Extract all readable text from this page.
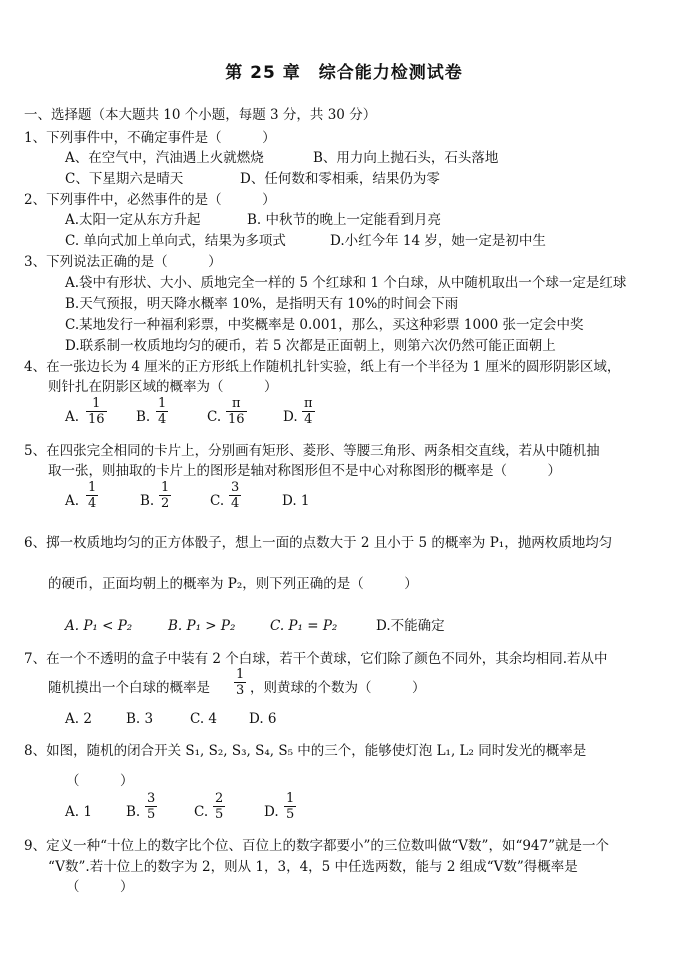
第 25 章　综合能力检测试卷
一、选择题（本大题共 10 个小题，每题 3 分，共 30 分）
1、下列事件中，不确定事件是（　　　）
A、在空气中，汽油遇上火就燃烧	B、用力向上抛石头，石头落地
C、下星期六是晴天	D、任何数和零相乘，结果仍为零
2、下列事件中，必然事件的是（　　　）
A.太阳一定从东方升起	B. 中秋节的晚上一定能看到月亮
C. 单向式加上单向式，结果为多项式	D.小红今年 14 岁，她一定是初中生
3、下列说法正确的是（　　　）
A.袋中有形状、大小、质地完全一样的 5 个红球和 1 个白球，从中随机取出一个球一定是红球
B.天气预报，明天降水概率 10%，是指明天有 10%的时间会下雨
C.某地发行一种福利彩票，中奖概率是 0.001，那么，买这种彩票 1000 张一定会中奖
D.联系制一枚质地均匀的硬币，若 5 次都是正面朝上，则第六次仍然可能正面朝上
4、在一张边长为 4 厘米的正方形纸上作随机扎针实验，纸上有一个半径为 1 厘米的圆形阴影区域，
则针扎在阴影区域的概率为（　　　）
A.
1
16 B.
1
4	C.
π
16	D.
π
4
5、在四张完全相同的卡片上，分别画有矩形、菱形、等腰三角形、两条相交直线，若从中随机抽
取一张，则抽取的卡片上的图形是轴对称图形但不是中心对称图形的概率是（　　　）
A.
1
4	B.
1
2	C.
3
4	D. 1
6、掷一枚质地均匀的正方体骰子，想上一面的点数大于 2 且小于 5 的概率为 P₁，抛两枚质地均匀
的硬币，正面均朝上的概率为 P₂，则下列正确的是（　　　）
A. P₁ < P₂	B. P₁ > P₂	C. P₁ = P₂	D.不能确定
7、在一个不透明的盒子中装有 2 个白球，若干个黄球，它们除了颜色不同外，其余均相同.若从中
随机摸出一个白球的概率是
1
3 ，则黄球的个数为（　　　）
A. 2	B. 3	C. 4 D. 6
8、如图，随机的闭合开关 S₁, S₂, S₃, S₄, S₅ 中的三个，能够使灯泡 L₁, L₂ 同时发光的概率是
（　　　）
A. 1	B.
3
5	C.
2
5	D.
1
5
9、定义一种“十位上的数字比个位、百位上的数字都要小”的三位数叫做“V数”，如“947”就是一个
“V数”.若十位上的数字为 2，则从 1，3，4，5 中任选两数，能与 2 组成“V数”得概率是
（　　　）
